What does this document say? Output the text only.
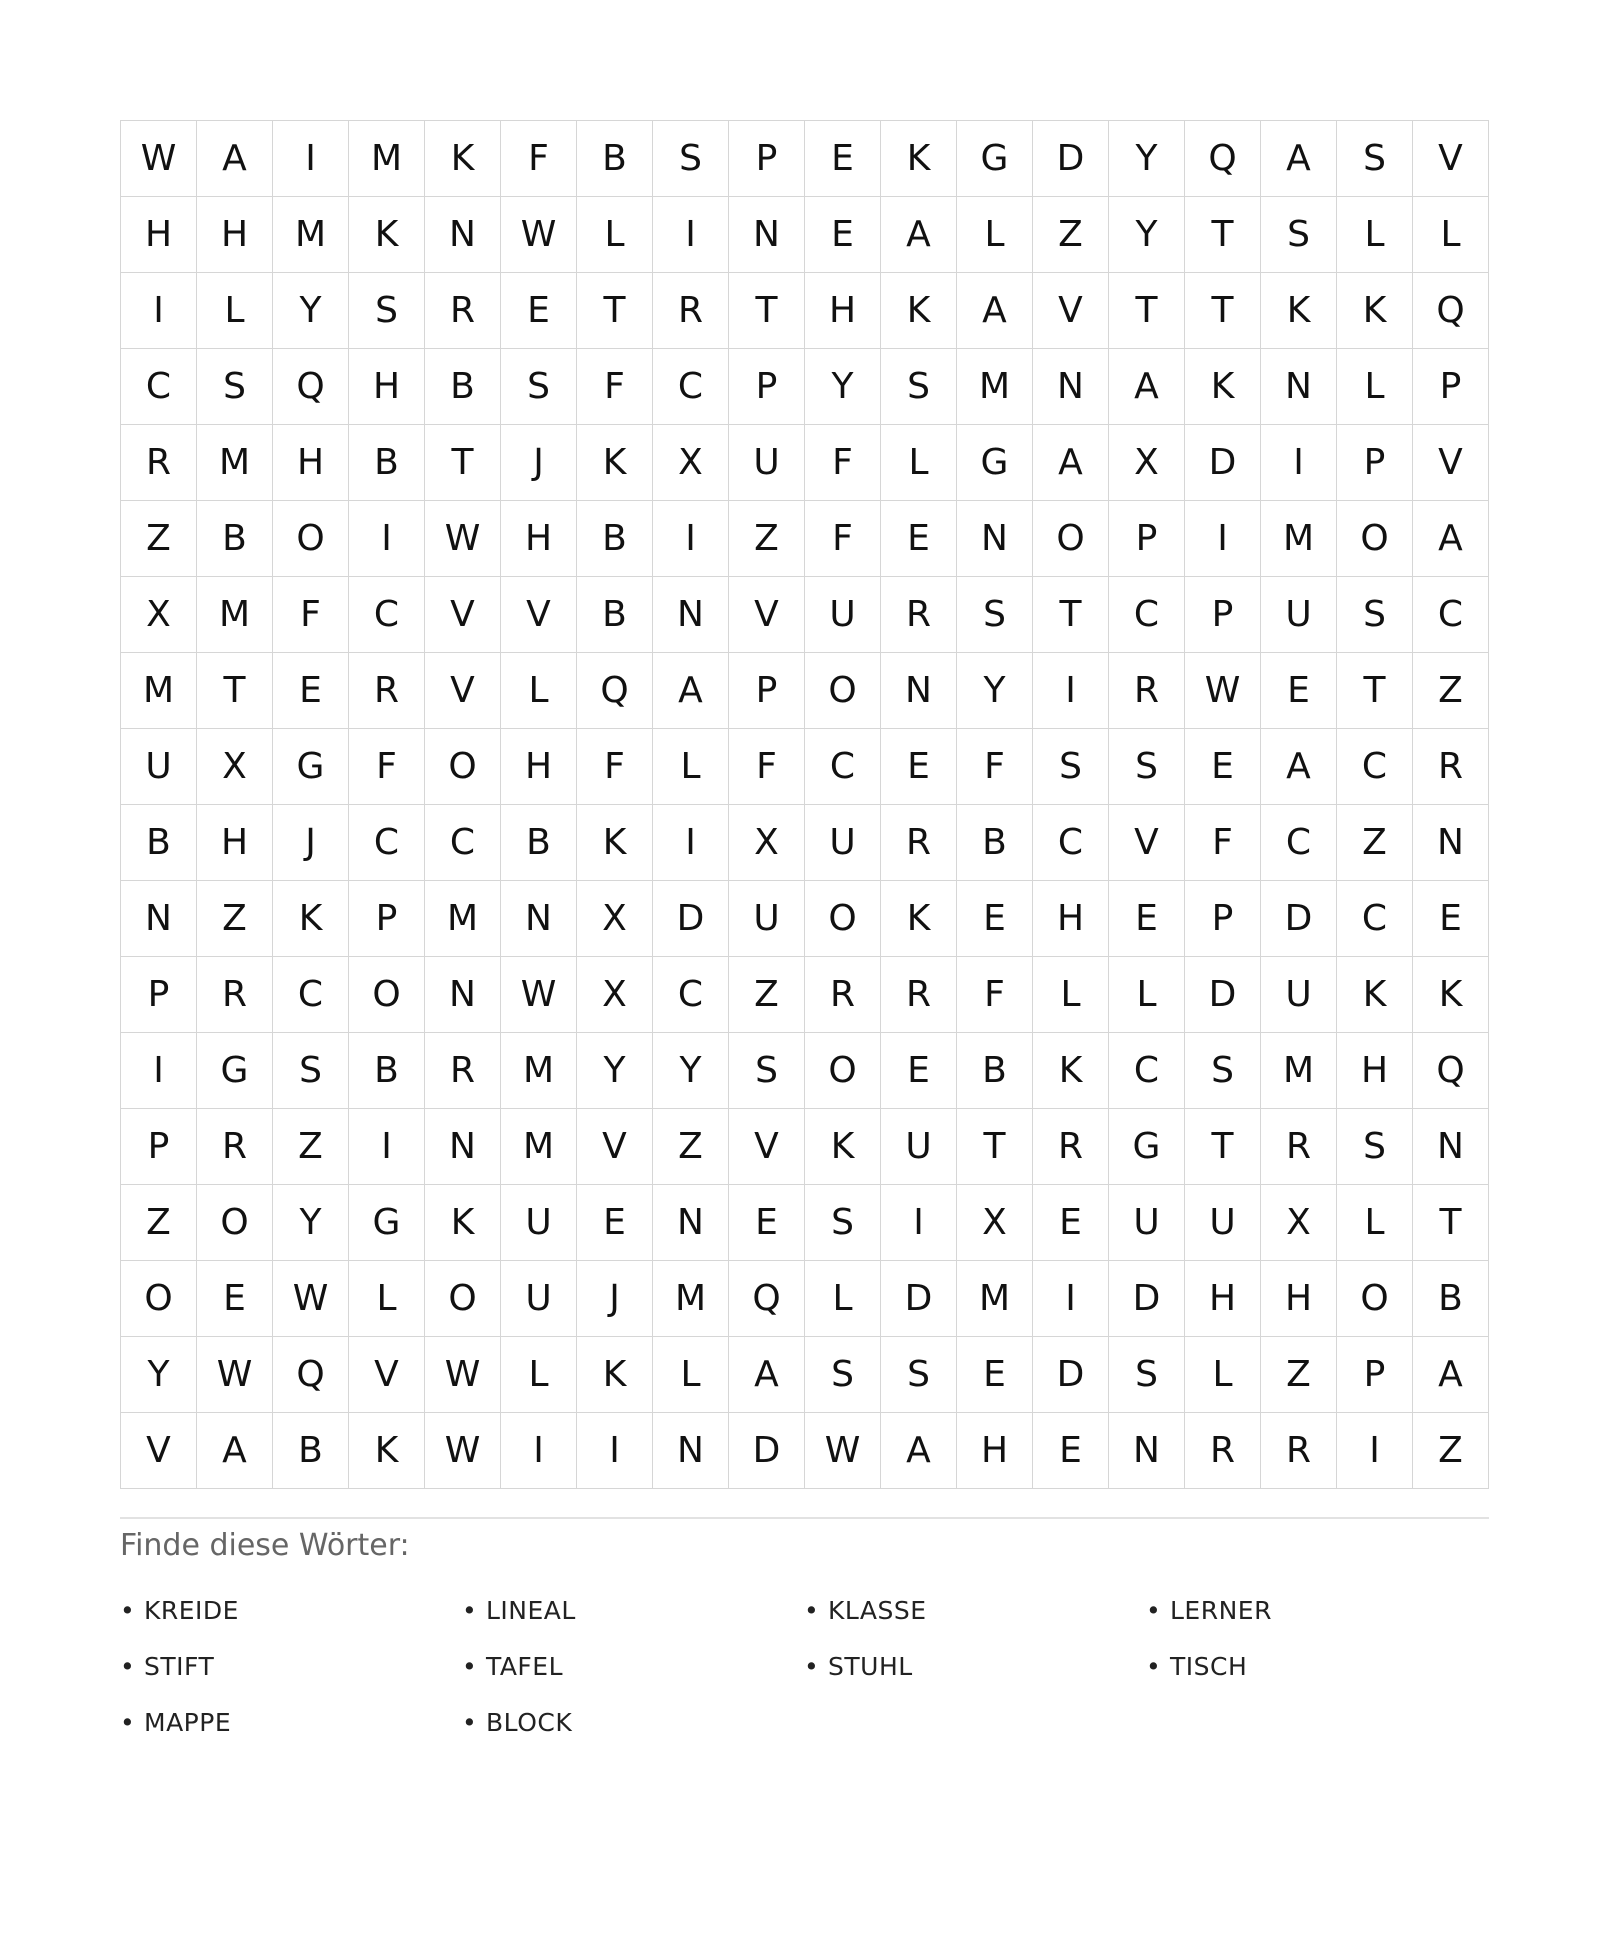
W	A	I	M	K	F	B	S	P	E	K	G	D	Y	Q	A	S	V
H	H	M	K	N	W	L	I	N	E	A	L	Z	Y	T	S	L	L
I	L	Y	S	R	E	T	R	T	H	K	A	V	T	T	K	K	Q
C	S	Q	H	B	S	F	C	P	Y	S	M	N	A	K	N	L	P
R	M	H	B	T	J	K	X	U	F	L	G	A	X	D	I	P	V
Z	B	O	I	W	H	B	I	Z	F	E	N	O	P	I	M	O	A
X	M	F	C	V	V	B	N	V	U	R	S	T	C	P	U	S	C
M	T	E	R	V	L	Q	A	P	O	N	Y	I	R	W	E	T	Z
U	X	G	F	O	H	F	L	F	C	E	F	S	S	E	A	C	R
B	H	J	C	C	B	K	I	X	U	R	B	C	V	F	C	Z	N
N	Z	K	P	M	N	X	D	U	O	K	E	H	E	P	D	C	E
P	R	C	O	N	W	X	C	Z	R	R	F	L	L	D	U	K	K
I	G	S	B	R	M	Y	Y	S	O	E	B	K	C	S	M	H	Q
P	R	Z	I	N	M	V	Z	V	K	U	T	R	G	T	R	S	N
Z	O	Y	G	K	U	E	N	E	S	I	X	E	U	U	X	L	T
O	E	W	L	O	U	J	M	Q	L	D	M	I	D	H	H	O	B
Y	W	Q	V	W	L	K	L	A	S	S	E	D	S	L	Z	P	A
V	A	B	K	W	I	I	N	D	W	A	H	E	N	R	R	I	Z
Finde diese Wörter:
• KREIDE	• LINEAL	• KLASSE	• LERNER
• STIFT	• TAFEL	• STUHL	• TISCH
• MAPPE	• BLOCK
